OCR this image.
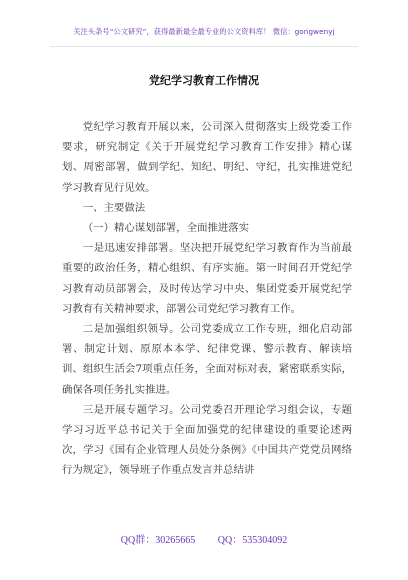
关注头条号“公文研究”，获得最新最全最专业的公文资料库！ 微信：gongwenyj
党纪学习教育工作情况

党纪学习教育开展以来，公司深入贯彻落实上级党委工作要求，研究制定《关于开展党纪学习教育工作安排》精心谋划、周密部署，做到学纪、知纪、明纪、守纪，扎实推进党纪学习教育见行见效。

一、主要做法

（一）精心谋划部署，全面推进落实

一是迅速安排部署。坚决把开展党纪学习教育作为当前最重要的政治任务，精心组织、有序实施。第一时间召开党纪学习教育动员部署会，及时传达学习中央、集团党委开展党纪学习教育有关精神要求，部署公司党纪学习教育工作。

二是加强组织领导。公司党委成立工作专班，细化启动部署、制定计划、原原本本学、纪律党课、警示教育、解读培训、组织生活会7项重点任务，全面对标对表，紧密联系实际，确保各项任务扎实推进。

三是开展专题学习。公司党委召开理论学习组会议，专题学习习近平总书记关于全面加强党的纪律建设的重要论述两次，学习《国有企业管理人员处分条例》《中国共产党党员网络行为规定》，领导班子作重点发言并总结讲

QQ群：30265665 QQ：535304092
